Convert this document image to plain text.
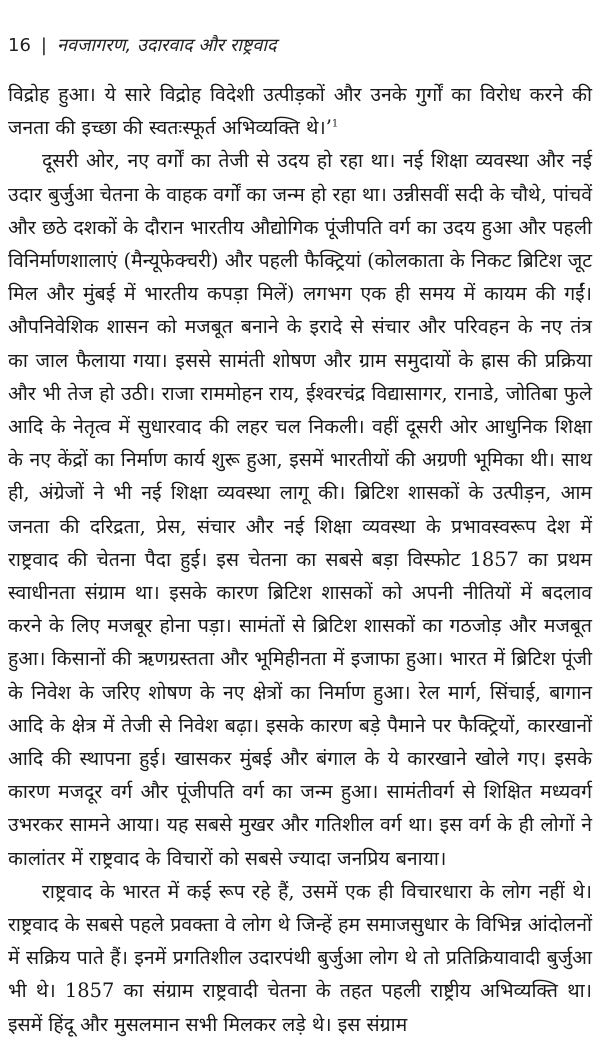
16 | नवजागरण, उदारवाद और राष्ट्रवाद

विद्रोह हुआ। ये सारे विद्रोह विदेशी उत्पीड़कों और उनके गुर्गों का विरोध करने की जनता की इच्छा की स्वतःस्फूर्त अभिव्यक्ति थे।’$^1$

दूसरी ओर, नए वर्गों का तेजी से उदय हो रहा था। नई शिक्षा व्यवस्था और नई उदार बुर्जुआ चेतना के वाहक वर्गों का जन्म हो रहा था। उन्नीसवीं सदी के चौथे, पांचवें और छठे दशकों के दौरान भारतीय औद्योगिक पूंजीपति वर्ग का उदय हुआ और पहली विनिर्माणशालाएं (मैन्यूफेक्चरी) और पहली फैक्ट्रियां (कोलकाता के निकट ब्रिटिश जूट मिल और मुंबई में भारतीय कपड़ा मिलें) लगभग एक ही समय में कायम की गईं। औपनिवेशिक शासन को मजबूत बनाने के इरादे से संचार और परिवहन के नए तंत्र का जाल फैलाया गया। इससे सामंती शोषण और ग्राम समुदायों के ह्रास की प्रक्रिया और भी तेज हो उठी। राजा राममोहन राय, ईश्वरचंद्र विद्यासागर, रानाडे, जोतिबा फुले आदि के नेतृत्व में सुधारवाद की लहर चल निकली। वहीं दूसरी ओर आधुनिक शिक्षा के नए केंद्रों का निर्माण कार्य शुरू हुआ, इसमें भारतीयों की अग्रणी भूमिका थी। साथ ही, अंग्रेजों ने भी नई शिक्षा व्यवस्था लागू की। ब्रिटिश शासकों के उत्पीड़न, आम जनता की दरिद्रता, प्रेस, संचार और नई शिक्षा व्यवस्था के प्रभावस्वरूप देश में राष्ट्रवाद की चेतना पैदा हुई। इस चेतना का सबसे बड़ा विस्फोट 1857 का प्रथम स्वाधीनता संग्राम था। इसके कारण ब्रिटिश शासकों को अपनी नीतियों में बदलाव करने के लिए मजबूर होना पड़ा। सामंतों से ब्रिटिश शासकों का गठजोड़ और मजबूत हुआ। किसानों की ऋणग्रस्तता और भूमिहीनता में इजाफा हुआ। भारत में ब्रिटिश पूंजी के निवेश के जरिए शोषण के नए क्षेत्रों का निर्माण हुआ। रेल मार्ग, सिंचाई, बागान आदि के क्षेत्र में तेजी से निवेश बढ़ा। इसके कारण बड़े पैमाने पर फैक्ट्रियों, कारखानों आदि की स्थापना हुई। खासकर मुंबई और बंगाल के ये कारखाने खोले गए। इसके कारण मजदूर वर्ग और पूंजीपति वर्ग का जन्म हुआ। सामंतीवर्ग से शिक्षित मध्यवर्ग उभरकर सामने आया। यह सबसे मुखर और गतिशील वर्ग था। इस वर्ग के ही लोगों ने कालांतर में राष्ट्रवाद के विचारों को सबसे ज्यादा जनप्रिय बनाया।

राष्ट्रवाद के भारत में कई रूप रहे हैं, उसमें एक ही विचारधारा के लोग नहीं थे। राष्ट्रवाद के सबसे पहले प्रवक्ता वे लोग थे जिन्हें हम समाजसुधार के विभिन्न आंदोलनों में सक्रिय पाते हैं। इनमें प्रगतिशील उदारपंथी बुर्जुआ लोग थे तो प्रतिक्रियावादी बुर्जुआ भी थे। 1857 का संग्राम राष्ट्रवादी चेतना के तहत पहली राष्ट्रीय अभिव्यक्ति था। इसमें हिंदू और मुसलमान सभी मिलकर लड़े थे। इस संग्राम
